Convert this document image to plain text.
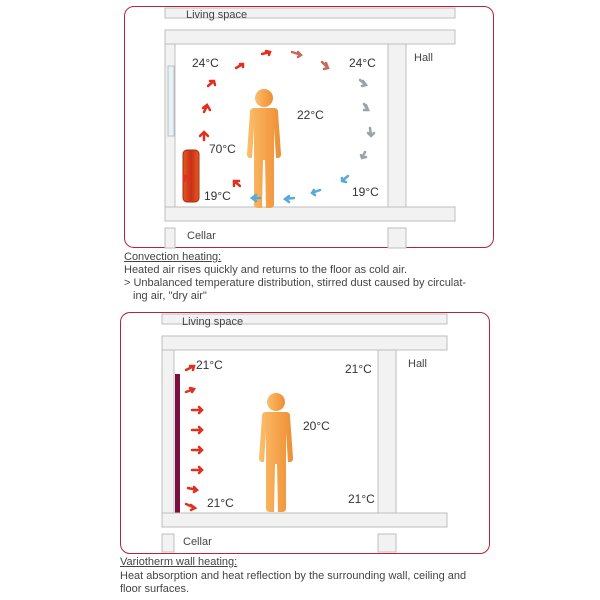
Living space
Hall
Cellar
24°C	24°C
22°C
70°C
19°C	19°C
Convection heating:
Heated air rises quickly and returns to the floor as cold air.
> Unbalanced temperature distribution, stirred dust caused by circulat-
ing air, "dry air"
Living space
Hall
Cellar
21°C	21°C
20°C
21°C	21°C
Variotherm wall heating:
Heat absorption and heat reflection by the surrounding wall, ceiling and
floor surfaces.
